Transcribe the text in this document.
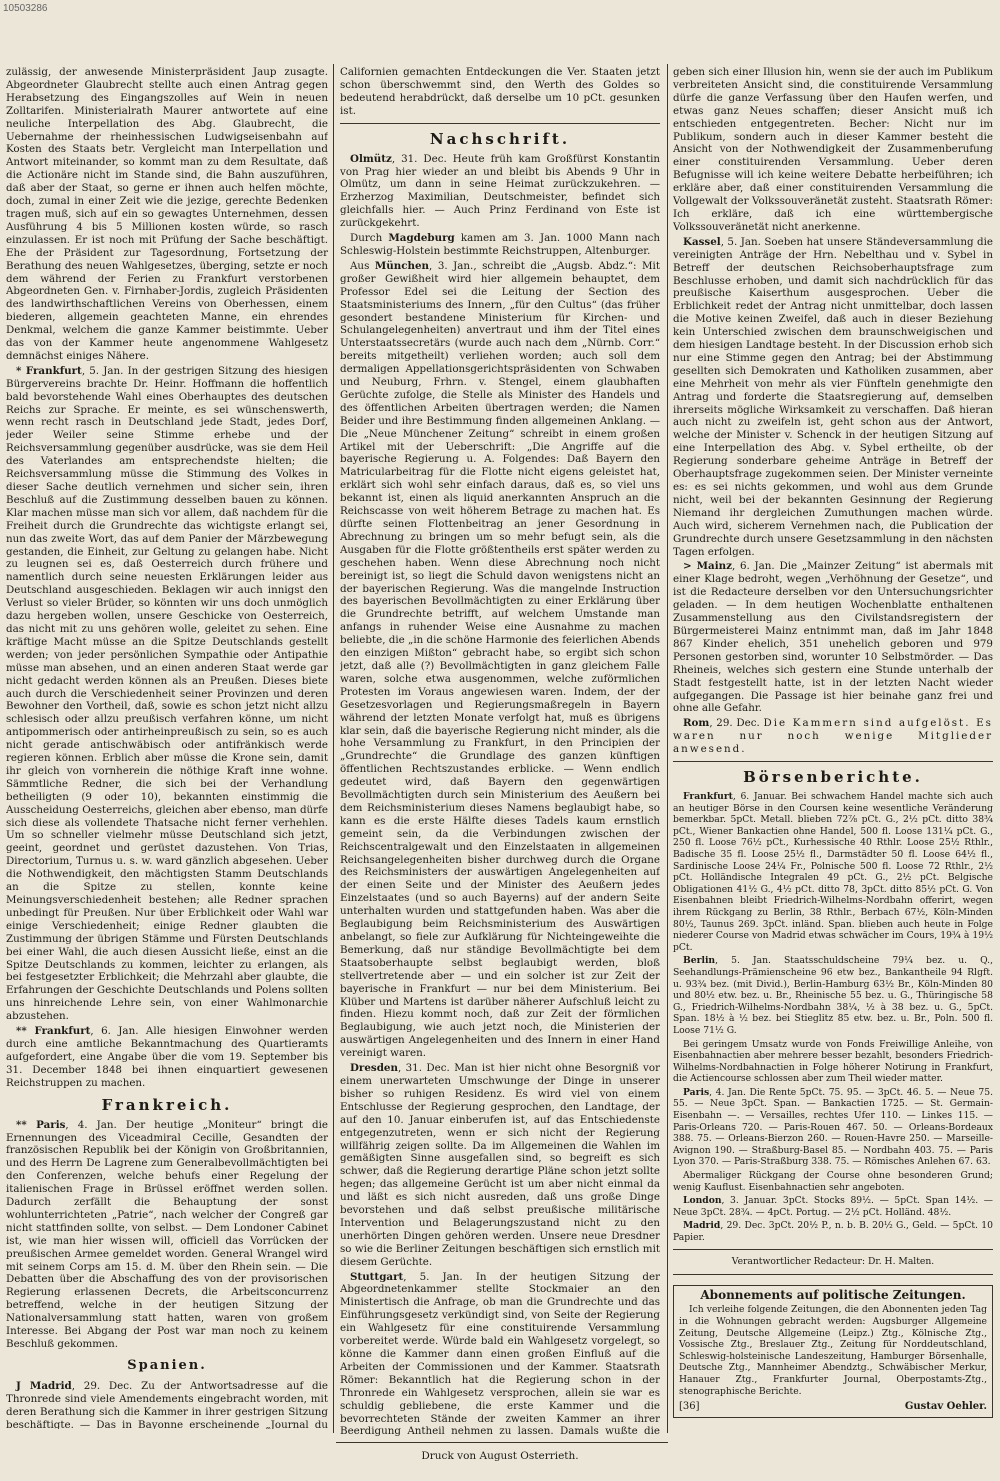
10503286

zulässig, der anwesende Ministerpräsident Jaup zusagte. Abgeordneter Glaubrecht stellte auch einen Antrag gegen Herabsetzung des Eingangszolles auf Wein in neuen Zolltarifen. Ministerialrath Maurer antwortete auf eine neuliche Interpellation des Abg. Glaubrecht, die Uebernahme der rheinhessischen Ludwigseisenbahn auf Kosten des Staats betr. Vergleicht man Interpellation und Antwort miteinander, so kommt man zu dem Resultate, daß die Actionäre nicht im Stande sind, die Bahn auszuführen, daß aber der Staat, so gerne er ihnen auch helfen möchte, doch, zumal in einer Zeit wie die jezige, gerechte Bedenken tragen muß, sich auf ein so gewagtes Unternehmen, dessen Ausführung 4 bis 5 Millionen kosten würde, so rasch einzulassen. Er ist noch mit Prüfung der Sache beschäftigt. Ehe der Präsident zur Tagesordnung, Fortsetzung der Berathung des neuen Wahlgesetzes, überging, setzte er noch dem während der Ferien zu Frankfurt verstorbenen Abgeordneten Gen. v. Firnhaber-Jordis, zugleich Präsidenten des landwirthschaftlichen Vereins von Oberhessen, einem biederen, allgemein geachteten Manne, ein ehrendes Denkmal, welchem die ganze Kammer beistimmte. Ueber das von der Kammer heute angenommene Wahlgesetz demnächst einiges Nähere.

* Frankfurt, 5. Jan. In der gestrigen Sitzung des hiesigen Bürgervereins brachte Dr. Heinr. Hoffmann die hoffentlich bald bevorstehende Wahl eines Oberhauptes des deutschen Reichs zur Sprache. Er meinte, es sei wünschenswerth, wenn recht rasch in Deutschland jede Stadt, jedes Dorf, jeder Weiler seine Stimme erhebe und der Reichsversammlung gegenüber ausdrücke, was sie dem Heil des Vaterlandes am entsprechendste hielten; die Reichsversammlung müsse die Stimmung des Volkes in dieser Sache deutlich vernehmen und sicher sein, ihren Beschluß auf die Zustimmung desselben bauen zu können. Klar machen müsse man sich vor allem, daß nachdem für die Freiheit durch die Grundrechte das wichtigste erlangt sei, nun das zweite Wort, das auf dem Panier der Märzbewegung gestanden, die Einheit, zur Geltung zu gelangen habe. Nicht zu leugnen sei es, daß Oesterreich durch frühere und namentlich durch seine neuesten Erklärungen leider aus Deutschland ausgeschieden. Beklagen wir auch innigst den Verlust so vieler Brüder, so könnten wir uns doch unmöglich dazu hergeben wollen, unsere Geschicke von Oesterreich, das nicht mit zu uns gehören wolle, geleitet zu sehen. Eine kräftige Macht müsse an die Spitze Deutschlands gestellt werden; von jeder persönlichen Sympathie oder Antipathie müsse man absehen, und an einen anderen Staat werde gar nicht gedacht werden können als an Preußen. Dieses biete auch durch die Verschiedenheit seiner Provinzen und deren Bewohner den Vortheil, daß, sowie es schon jetzt nicht allzu schlesisch oder allzu preußisch verfahren könne, um nicht antipommerisch oder antirheinpreußisch zu sein, so es auch nicht gerade antischwäbisch oder antifränkisch werde regieren können. Erblich aber müsse die Krone sein, damit ihr gleich von vornherein die nöthige Kraft inne wohne. Sämmtliche Redner, die sich bei der Verhandlung betheiligten (9 oder 10), bekannten einstimmig die Ausscheidung Oesterreichs, gleichen aber ebenso, man dürfe sich diese als vollendete Thatsache nicht ferner verhehlen. Um so schneller vielmehr müsse Deutschland sich jetzt, geeint, geordnet und gerüstet dazustehen. Von Trias, Directorium, Turnus u. s. w. ward gänzlich abgesehen. Ueber die Nothwendigkeit, den mächtigsten Stamm Deutschlands an die Spitze zu stellen, konnte keine Meinungsverschiedenheit bestehen; alle Redner sprachen unbedingt für Preußen. Nur über Erblichkeit oder Wahl war einige Verschiedenheit; einige Redner glaubten die Zustimmung der übrigen Stämme und Fürsten Deutschlands bei einer Wahl, die auch diesen Aussicht ließe, einst an die Spitze Deutschlands zu kommen, leichter zu erlangen, als bei festgesetzter Erblichkeit; die Mehrzahl aber glaubte, die Erfahrungen der Geschichte Deutschlands und Polens sollten uns hinreichende Lehre sein, von einer Wahlmonarchie abzustehen.

** Frankfurt, 6. Jan. Alle hiesigen Einwohner werden durch eine amtliche Bekanntmachung des Quartieramts aufgefordert, eine Angabe über die vom 19. September bis 31. December 1848 bei ihnen einquartiert gewesenen Reichstruppen zu machen.

Frankreich.

** Paris, 4. Jan. Der heutige „Moniteur“ bringt die Ernennungen des Viceadmiral Cecille, Gesandten der französischen Republik bei der Königin von Großbritannien, und des Herrn De Lagrene zum Generalbevollmächtigten bei den Conferenzen, welche behufs einer Regelung der italienischen Frage in Brüssel eröffnet werden sollen. Dadurch zerfällt die Behauptung der sonst wohlunterrichteten „Patrie“, nach welcher der Congreß gar nicht stattfinden sollte, von selbst. — Dem Londoner Cabinet ist, wie man hier wissen will, officiell das Vorrücken der preußischen Armee gemeldet worden. General Wrangel wird mit seinem Corps am 15. d. M. über den Rhein sein. — Die Debatten über die Abschaffung des von der provisorischen Regierung erlassenen Decrets, die Arbeitsconcurrenz betreffend, welche in der heutigen Sitzung der Nationalversammlung statt hatten, waren von großem Interesse. Bei Abgang der Post war man noch zu keinem Beschluß gekommen.

Spanien.

J Madrid, 29. Dec. Zu der Antwortsadresse auf die Thronrede sind viele Amendements eingebracht worden, mit deren Berathung sich die Kammer in ihrer gestrigen Sitzung beschäftigte. — Das in Bayonne erscheinende „Journal du

Californien gemachten Entdeckungen die Ver. Staaten jetzt schon überschwemmt sind, den Werth des Goldes so bedeutend herabdrückt, daß derselbe um 10 pCt. gesunken ist.

Nachschrift.

Olmütz, 31. Dec. Heute früh kam Großfürst Konstantin von Prag hier wieder an und bleibt bis Abends 9 Uhr in Olmütz, um dann in seine Heimat zurückzukehren. — Erzherzog Maximilian, Deutschmeister, befindet sich gleichfalls hier. — Auch Prinz Ferdinand von Este ist zurückgekehrt.

Durch Magdeburg kamen am 3. Jan. 1000 Mann nach Schleswig-Holstein bestimmte Reichstruppen, Altenburger.

Aus München, 3. Jan., schreibt die „Augsb. Abdz.“: Mit großer Gewißheit wird hier allgemein behauptet, dem Professor Edel sei die Leitung der Section des Staatsministeriums des Innern, „für den Cultus“ (das früher gesondert bestandene Ministerium für Kirchen- und Schulangelegenheiten) anvertraut und ihm der Titel eines Unterstaatssecretärs (wurde auch nach dem „Nürnb. Corr.“ bereits mitgetheilt) verliehen worden; auch soll dem dermaligen Appellationsgerichtspräsidenten von Schwaben und Neuburg, Frhrn. v. Stengel, einem glaubhaften Gerüchte zufolge, die Stelle als Minister des Handels und des öffentlichen Arbeiten übertragen werden; die Namen Beider und ihre Bestimmung finden allgemeinen Anklang. — Die „Neue Münchener Zeitung“ schreibt in einem großen Artikel mit der Ueberschrift: „Die Angriffe auf die bayerische Regierung u. A. Folgendes: Daß Bayern den Matricularbeitrag für die Flotte nicht eigens geleistet hat, erklärt sich wohl sehr einfach daraus, daß es, so viel uns bekannt ist, einen als liquid anerkannten Anspruch an die Reichscasse von weit höherem Betrage zu machen hat. Es dürfte seinen Flottenbeitrag an jener Gesordnung in Abrechnung zu bringen um so mehr befugt sein, als die Ausgaben für die Flotte größtentheils erst später werden zu geschehen haben. Wenn diese Abrechnung noch nicht bereinigt ist, so liegt die Schuld davon wenigstens nicht an der bayerischen Regierung. Was die mangelnde Instruction des bayerischen Bevollmächtigten zu einer Erklärung über die Grundrechte betrifft, auf welchem Umstande man anfangs in ruhender Weise eine Ausnahme zu machen beliebte, die „in die schöne Harmonie des feierlichen Abends den einzigen Mißton“ gebracht habe, so ergibt sich schon jetzt, daß alle (?) Bevollmächtigten in ganz gleichem Falle waren, solche etwa ausgenommen, welche zuförmlichen Protesten im Voraus angewiesen waren. Indem, der der Gesetzesvorlagen und Regierungsmaßregeln in Bayern während der letzten Monate verfolgt hat, muß es übrigens klar sein, daß die bayerische Regierung nicht minder, als die hohe Versammlung zu Frankfurt, in den Principien der „Grundrechte“ die Grundlage des ganzen künftigen öffentlichen Rechtszustandes erblicke. — Wenn endlich gedeutet wird, daß Bayern den gegenwärtigen Bevollmächtigten durch sein Ministerium des Aeußern bei dem Reichsministerium dieses Namens beglaubigt habe, so kann es die erste Hälfte dieses Tadels kaum ernstlich gemeint sein, da die Verbindungen zwischen der Reichscentralgewalt und den Einzelstaaten in allgemeinen Reichsangelegenheiten bisher durchweg durch die Organe des Reichsministers der auswärtigen Angelegenheiten auf der einen Seite und der Minister des Aeußern jedes Einzelstaates (und so auch Bayerns) auf der andern Seite unterhalten wurden und stattgefunden haben. Was aber die Beglaubigung beim Reichsministerium des Auswärtigen anbelangt, so fiele zur Aufklärung für Nichteingeweihte die Bemerkung, daß nur ständige Bevollmächtigte bei dem Staatsoberhaupte selbst beglaubigt werden, bloß stellvertretende aber — und ein solcher ist zur Zeit der bayerische in Frankfurt — nur bei dem Ministerium. Bei Klüber und Martens ist darüber näherer Aufschluß leicht zu finden. Hiezu kommt noch, daß zur Zeit der förmlichen Beglaubigung, wie auch jetzt noch, die Ministerien der auswärtigen Angelegenheiten und des Innern in einer Hand vereinigt waren.

Dresden, 31. Dec. Man ist hier nicht ohne Besorgniß vor einem unerwarteten Umschwunge der Dinge in unserer bisher so ruhigen Residenz. Es wird viel von einem Entschlusse der Regierung gesprochen, den Landtage, der auf den 10. Januar einberufen ist, auf das Entschiedenste entgegenzutreten, wenn er sich nicht der Regierung willfährig zeigen sollte. Da im Allgemeinen die Wahlen im gemäßigten Sinne ausgefallen sind, so begreift es sich schwer, daß die Regierung derartige Pläne schon jetzt sollte hegen; das allgemeine Gerücht ist um aber nicht einmal da und läßt es sich nicht ausreden, daß uns große Dinge bevorstehen und daß selbst preußische militärische Intervention und Belagerungszustand nicht zu den unerhörten Dingen gehören werden. Unsere neue Dresdner so wie die Berliner Zeitungen beschäftigen sich ernstlich mit diesem Gerüchte.

Stuttgart, 5. Jan. In der heutigen Sitzung der Abgeordnetenkammer stellte Stockmaier an den Ministertisch die Anfrage, ob man die Grundrechte und das Einführungsgesetz verkündigt sind, von Seite der Regierung ein Wahlgesetz für eine constituirende Versammlung vorbereitet werde. Würde bald ein Wahlgesetz vorgelegt, so könne die Kammer dann einen großen Einfluß auf die Arbeiten der Commissionen und der Kammer. Staatsrath Römer: Bekanntlich hat die Regierung schon in der Thronrede ein Wahlgesetz versprochen, allein sie war es schuldig gebliebene, die erste Kammer und die bevorrechteten Stände der zweiten Kammer an ihrer Beerdigung Antheil nehmen zu lassen. Damals wußte die

Druck von August Osterrieth.

geben sich einer Illusion hin, wenn sie der auch im Publikum verbreiteten Ansicht sind, die constituirende Versammlung dürfe die ganze Verfassung über den Haufen werfen, und etwas ganz Neues schaffen; dieser Ansicht muß ich entschieden entgegentreten. Becher: Nicht nur im Publikum, sondern auch in dieser Kammer besteht die Ansicht von der Nothwendigkeit der Zusammenberufung einer constituirenden Versammlung. Ueber deren Befugnisse will ich keine weitere Debatte herbeiführen; ich erkläre aber, daß einer constituirenden Versammlung die Vollgewalt der Volkssouveränetät zusteht. Staatsrath Römer: Ich erkläre, daß ich eine württembergische Volkssouveränetät nicht anerkenne.

Kassel, 5. Jan. Soeben hat unsere Ständeversammlung die vereinigten Anträge der Hrn. Nebelthau und v. Sybel in Betreff der deutschen Reichsoberhauptsfrage zum Beschlusse erhoben, und damit sich nachdrücklich für das preußische Kaiserthum ausgesprochen. Ueber die Erblichkeit redet der Antrag nicht unmittelbar, doch lassen die Motive keinen Zweifel, daß auch in dieser Beziehung kein Unterschied zwischen dem braunschweigischen und dem hiesigen Landtage besteht. In der Discussion erhob sich nur eine Stimme gegen den Antrag; bei der Abstimmung gesellten sich Demokraten und Katholiken zusammen, aber eine Mehrheit von mehr als vier Fünfteln genehmigte den Antrag und forderte die Staatsregierung auf, demselben ihrerseits mögliche Wirksamkeit zu verschaffen. Daß hieran auch nicht zu zweifeln ist, geht schon aus der Antwort, welche der Minister v. Schenck in der heutigen Sitzung auf eine Interpellation des Abg. v. Sybel ertheilte, ob der Regierung sonderbare geheime Anträge in Betreff der Oberhauptsfrage zugekommen seien. Der Minister verneinte es: es sei nichts gekommen, und wohl aus dem Grunde nicht, weil bei der bekannten Gesinnung der Regierung Niemand ihr dergleichen Zumuthungen machen würde. Auch wird, sicherem Vernehmen nach, die Publication der Grundrechte durch unsere Gesetzsammlung in den nächsten Tagen erfolgen.

> Mainz, 6. Jan. Die „Mainzer Zeitung“ ist abermals mit einer Klage bedroht, wegen „Verhöhnung der Gesetze“, und ist die Redacteure derselben vor den Untersuchungsrichter geladen. — In dem heutigen Wochenblatte enthaltenen Zusammenstellung aus den Civilstandsregistern der Bürgermeisterei Mainz entnimmt man, daß im Jahr 1848 867 Kinder ehelich, 351 unehelich geboren und 979 Personen gestorben sind, worunter 10 Selbstmörder. — Das Rheineis, welches sich gestern eine Stunde unterhalb der Stadt festgestellt hatte, ist in der letzten Nacht wieder aufgegangen. Die Passage ist hier beinahe ganz frei und ohne alle Gefahr.

Rom, 29. Dec. Die Kammern sind aufgelöst. Es waren nur noch wenige Mitglieder anwesend.

Börsenberichte.

Frankfurt, 6. Januar. Bei schwachem Handel machte sich auch an heutiger Börse in den Coursen keine wesentliche Veränderung bemerkbar. 5pCt. Metall. blieben 72⁷⁄₈ pCt. G., 2½ pCt. ditto 38¾ pCt., Wiener Bankactien ohne Handel, 500 fl. Loose 131¼ pCt. G., 250 fl. Loose 76½ pCt., Kurhessische 40 Rthlr. Loose 25½ Rthlr., Badische 35 fl. Loose 25½ fl., Darmstädter 50 fl. Loose 64½ fl., Sardinische Loose 24¼ Fr., Polnische 500 fl. Loose 72 Rthlr., 2½ pCt. Holländische Integralen 49 pCt. G., 2½ pCt. Belgische Obligationen 41½ G., 4½ pCt. ditto 78, 3pCt. ditto 85½ pCt. G. Von Eisenbahnen bleibt Friedrich-Wilhelms-Nordbahn offerirt, wegen ihrem Rückgang zu Berlin, 38 Rthlr., Berbach 67½, Köln-Minden 80½, Taunus 269. 3pCt. inländ. Span. blieben auch heute in Folge niederer Course von Madrid etwas schwächer im Cours, 19¾ à 19½ pCt.

Berlin, 5. Jan. Staatsschuldscheine 79¼ bez. u. Q., Seehandlungs-Prämienscheine 96 etw bez., Bankantheile 94 Rlgft. u. 93¾ bez. (mit Divid.), Berlin-Hamburg 63½ Br., Köln-Minden 80 und 80½ etw. bez. u. Br., Rheinische 55 bez. u. G., Thüringische 58 G., Friedrich-Wilhelms-Nordbahn 38¼, ½ à 38 bez. u. G., 5pCt. Span. 18½ à ½ bez. bei Stieglitz 85 etw. bez. u. Br., Poln. 500 fl. Loose 71½ G.

Bei geringem Umsatz wurde von Fonds Freiwillige Anleihe, von Eisenbahnactien aber mehrere besser bezahlt, besonders Friedrich-Wilhelms-Nordbahnactien in Folge höherer Notirung in Frankfurt, die Actiencourse schlossen aber zum Theil wieder matter.

Paris, 4. Jan. Die Rente 5pCt. 75. 95. — 3pCt. 46. 5. — Neue 75. 55. — Neue 3pCt. Span. — Bankactien 1725. — St. Germain-Eisenbahn —. — Versailles, rechtes Ufer 110. — Linkes 115. — Paris-Orleans 720. — Paris-Rouen 467. 50. — Orleans-Bordeaux 388. 75. — Orleans-Bierzon 260. — Rouen-Havre 250. — Marseille-Avignon 190. — Straßburg-Basel 85. — Nordbahn 403. 75. — Paris Lyon 370. — Paris-Straßburg 338. 75. — Römisches Anlehen 67. 63.

Abermaliger Rückgang der Course ohne besonderen Grund; wenig Kauflust. Eisenbahnactien sehr angeboten.

London, 3. Januar. 3pCt. Stocks 89½. — 5pCt. Span 14½. — Neue 3pCt. 28¾. — 4pCt. Portug. — 2½ pCt. Holländ. 48½.

Madrid, 29. Dec. 3pCt. 20½ P., n. b. B. 20½ G., Geld. — 5pCt. 10 Papier.

Verantwortlicher Redacteur: Dr. H. Malten.
Abonnements auf politische Zeitungen.
Ich verleihe folgende Zeitungen, die den Abonnenten jeden Tag in die Wohnungen gebracht werden: Augsburger Allgemeine Zeitung, Deutsche Allgemeine (Leipz.) Ztg., Kölnische Ztg., Vossische Ztg., Breslauer Ztg., Zeitung für Norddeutschland, Schleswig-holsteinische Landeszeitung, Hamburger Börsenhalle, Deutsche Ztg., Mannheimer Abendztg., Schwäbischer Merkur, Hanauer Ztg., Frankfurter Journal, Oberpostamts-Ztg., stenographische Berichte.
[36]	Gustav Oehler.
